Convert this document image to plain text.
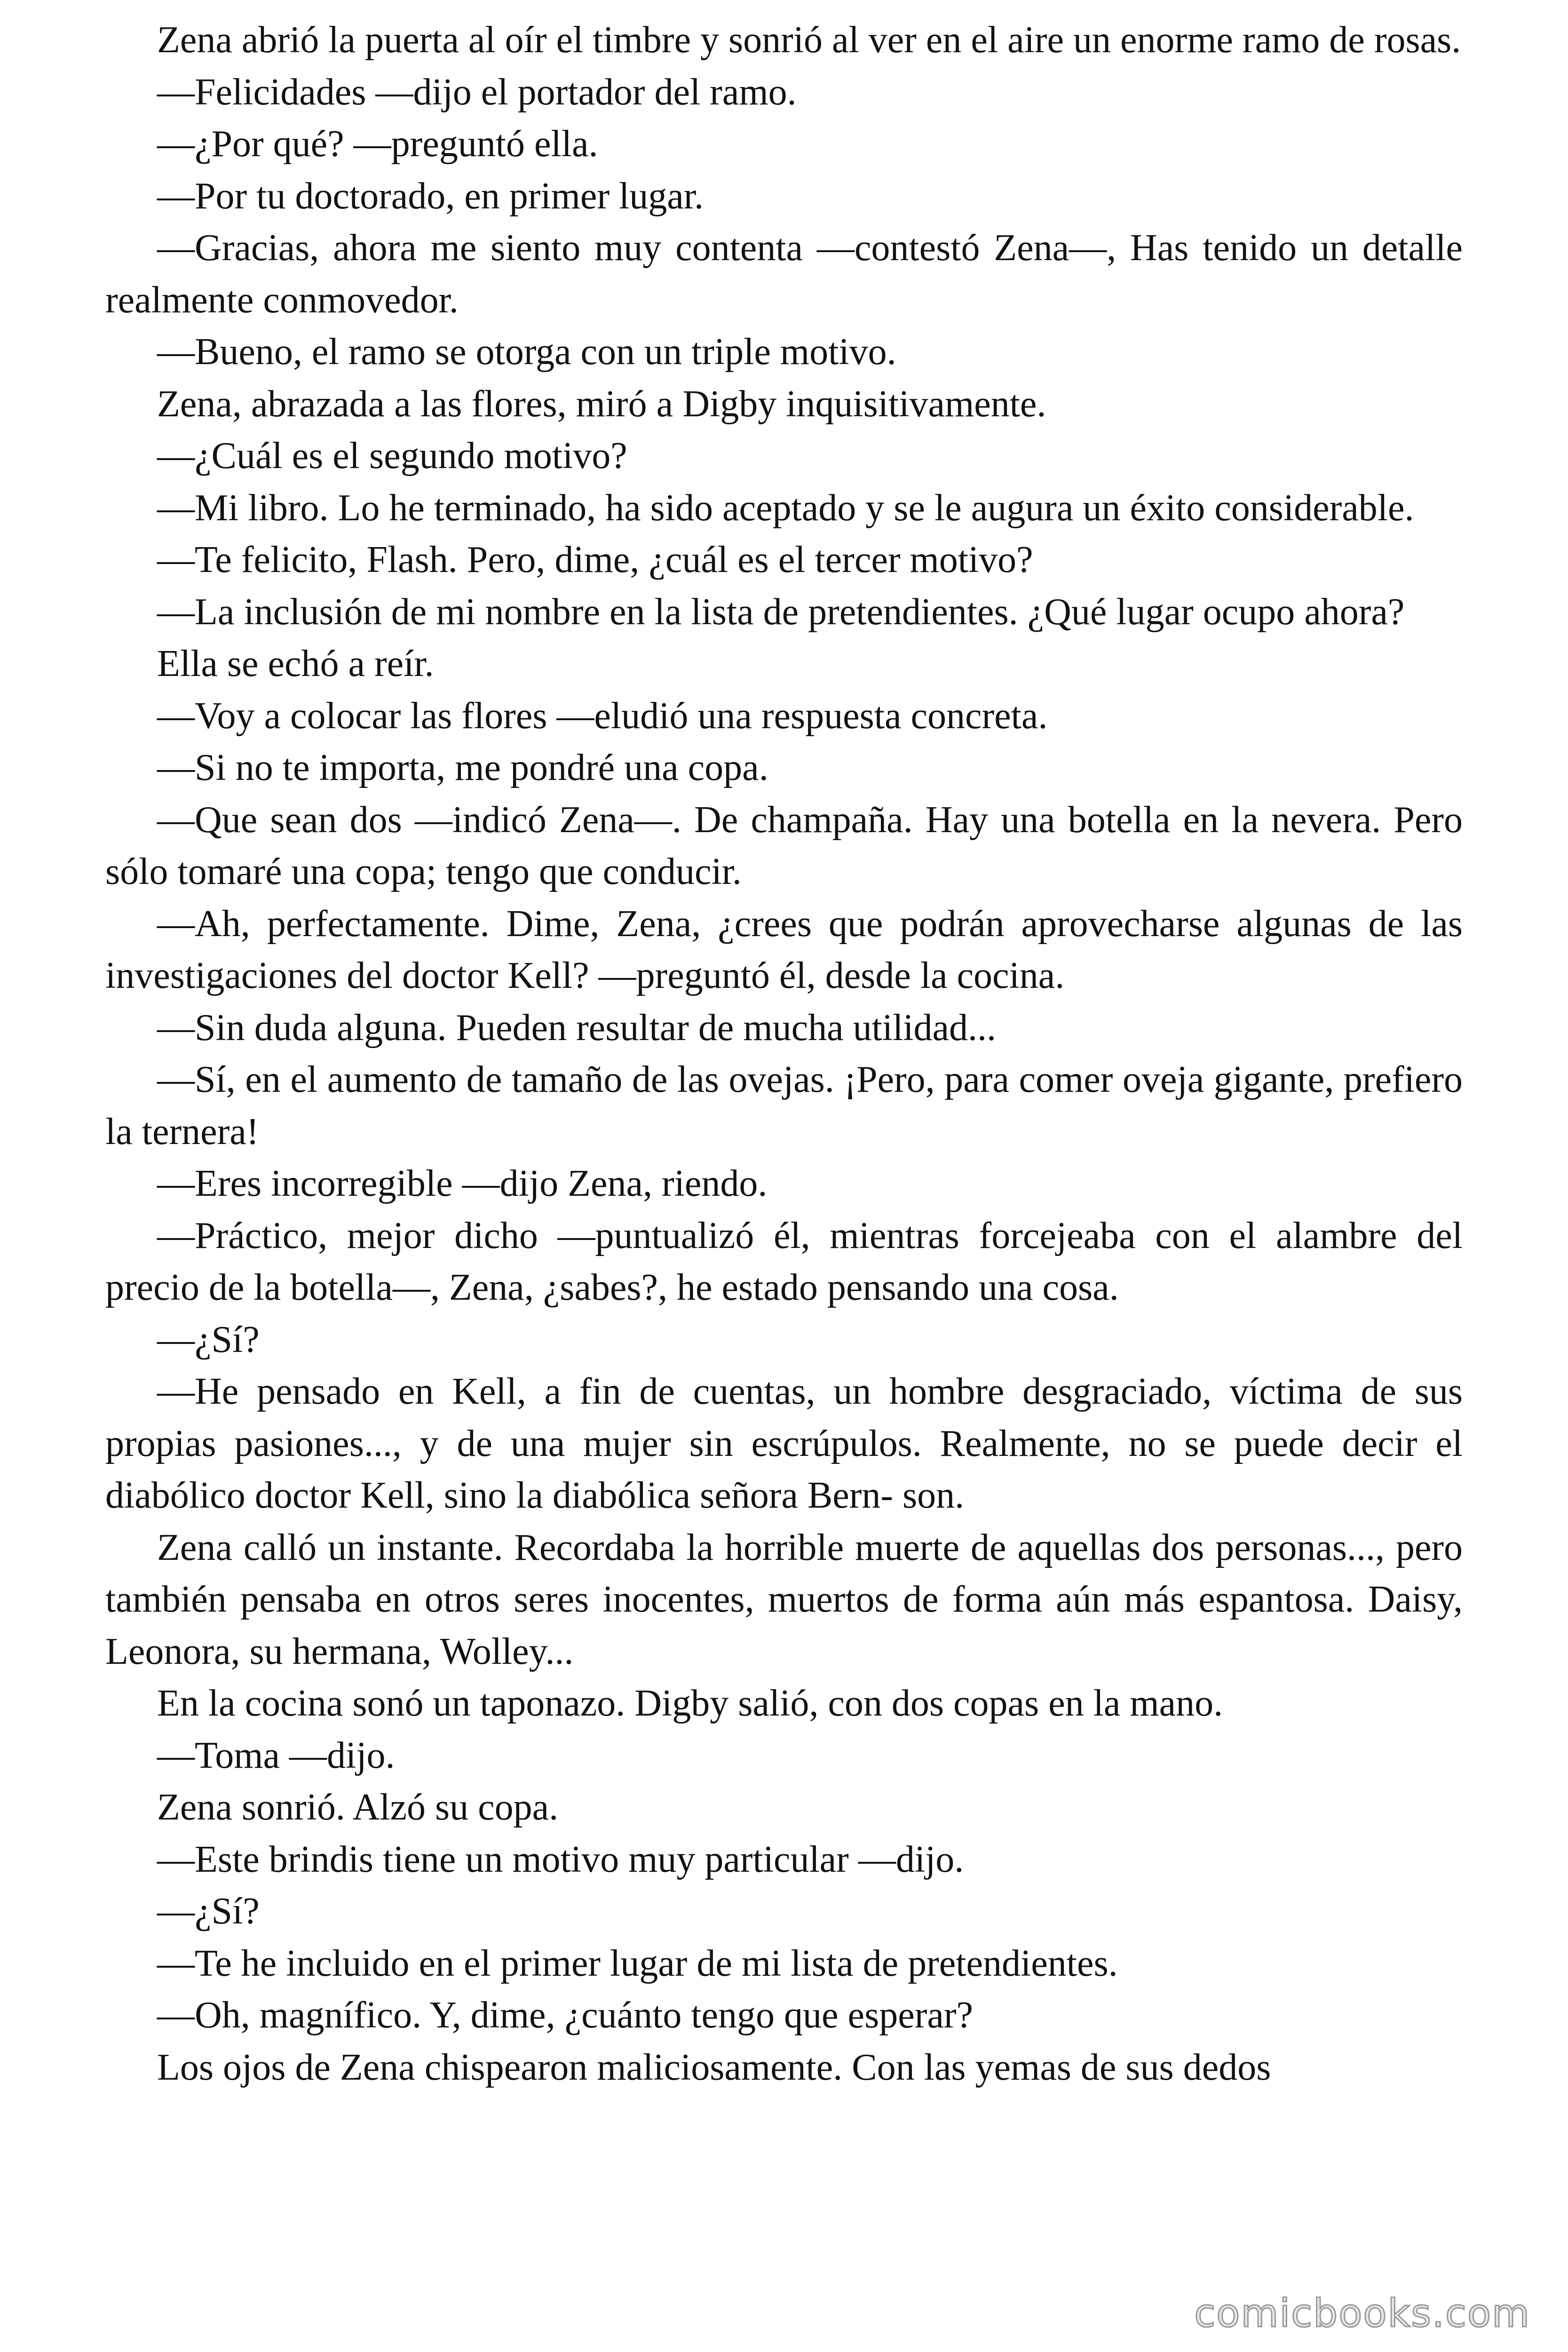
Zena abrió la puerta al oír el timbre y sonrió al ver en el aire un enorme ramo de rosas.

—Felicidades —dijo el portador del ramo.

—¿Por qué? —preguntó ella.

—Por tu doctorado, en primer lugar.

—Gracias, ahora me siento muy contenta —contestó Zena—, Has tenido un detalle realmente conmovedor.

—Bueno, el ramo se otorga con un triple motivo.

Zena, abrazada a las flores, miró a Digby inquisitivamente.

—¿Cuál es el segundo motivo?

—Mi libro. Lo he terminado, ha sido aceptado y se le augura un éxito considerable.

—Te felicito, Flash. Pero, dime, ¿cuál es el tercer motivo?

—La inclusión de mi nombre en la lista de pretendientes. ¿Qué lugar ocupo ahora?

Ella se echó a reír.

—Voy a colocar las flores —eludió una respuesta concreta.

—Si no te importa, me pondré una copa.

—Que sean dos —indicó Zena—. De champaña. Hay una botella en la nevera. Pero sólo tomaré una copa; tengo que conducir.

—Ah, perfectamente. Dime, Zena, ¿crees que podrán aprovecharse algunas de las investigaciones del doctor Kell? —preguntó él, desde la cocina.

—Sin duda alguna. Pueden resultar de mucha utilidad...

—Sí, en el aumento de tamaño de las ovejas. ¡Pero, para comer oveja gigante, prefiero la ternera!

—Eres incorregible —dijo Zena, riendo.

—Práctico, mejor dicho —puntualizó él, mientras forcejeaba con el alambre del precio de la botella—, Zena, ¿sabes?, he estado pensando una cosa.

—¿Sí?

—He pensado en Kell, a fin de cuentas, un hombre desgraciado, víctima de sus propias pasiones..., y de una mujer sin escrúpulos. Realmente, no se puede decir el diabólico doctor Kell, sino la diabólica señora Bern- son.

Zena calló un instante. Recordaba la horrible muerte de aquellas dos personas..., pero también pensaba en otros seres inocentes, muertos de forma aún más espantosa. Daisy, Leonora, su hermana, Wolley...

En la cocina sonó un taponazo. Digby salió, con dos copas en la mano.

—Toma —dijo.

Zena sonrió. Alzó su copa.

—Este brindis tiene un motivo muy particular —dijo.

—¿Sí?

—Te he incluido en el primer lugar de mi lista de pretendientes.

—Oh, magnífico. Y, dime, ¿cuánto tengo que esperar?

Los ojos de Zena chispearon maliciosamente. Con las yemas de sus dedos

comicbooks.com
